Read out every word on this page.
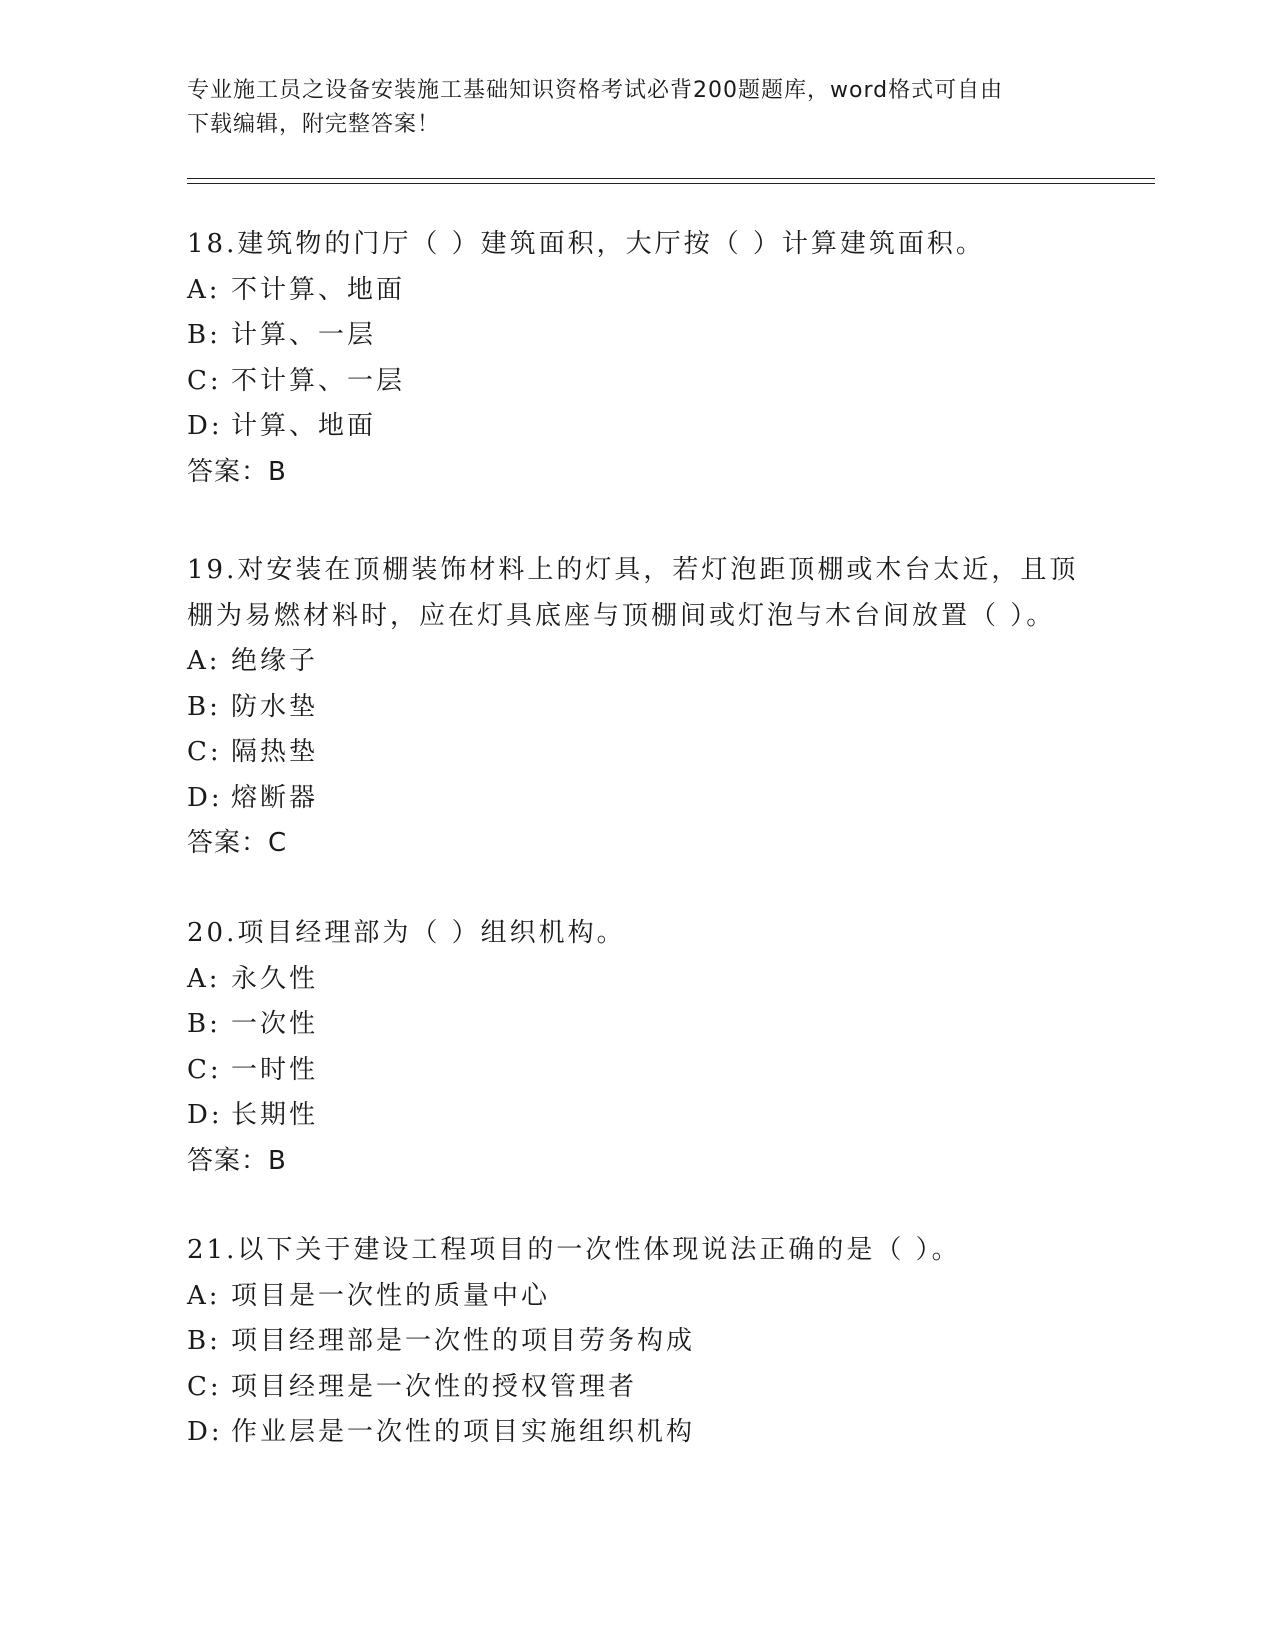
专业施工员之设备安装施工基础知识资格考试必背200题题库，word格式可自由
下载编辑，附完整答案！

18.建筑物的门厅（ ）建筑面积，大厅按（ ）计算建筑面积。

A: 不计算、地面

B: 计算、一层

C: 不计算、一层

D: 计算、地面

答案：B

19.对安装在顶棚装饰材料上的灯具，若灯泡距顶棚或木台太近，且顶

棚为易燃材料时，应在灯具底座与顶棚间或灯泡与木台间放置（ ）。

A: 绝缘子

B: 防水垫

C: 隔热垫

D: 熔断器

答案：C

20.项目经理部为（ ）组织机构。

A: 永久性

B: 一次性

C: 一时性

D: 长期性

答案：B

21.以下关于建设工程项目的一次性体现说法正确的是（ ）。

A: 项目是一次性的质量中心

B: 项目经理部是一次性的项目劳务构成

C: 项目经理是一次性的授权管理者

D: 作业层是一次性的项目实施组织机构
